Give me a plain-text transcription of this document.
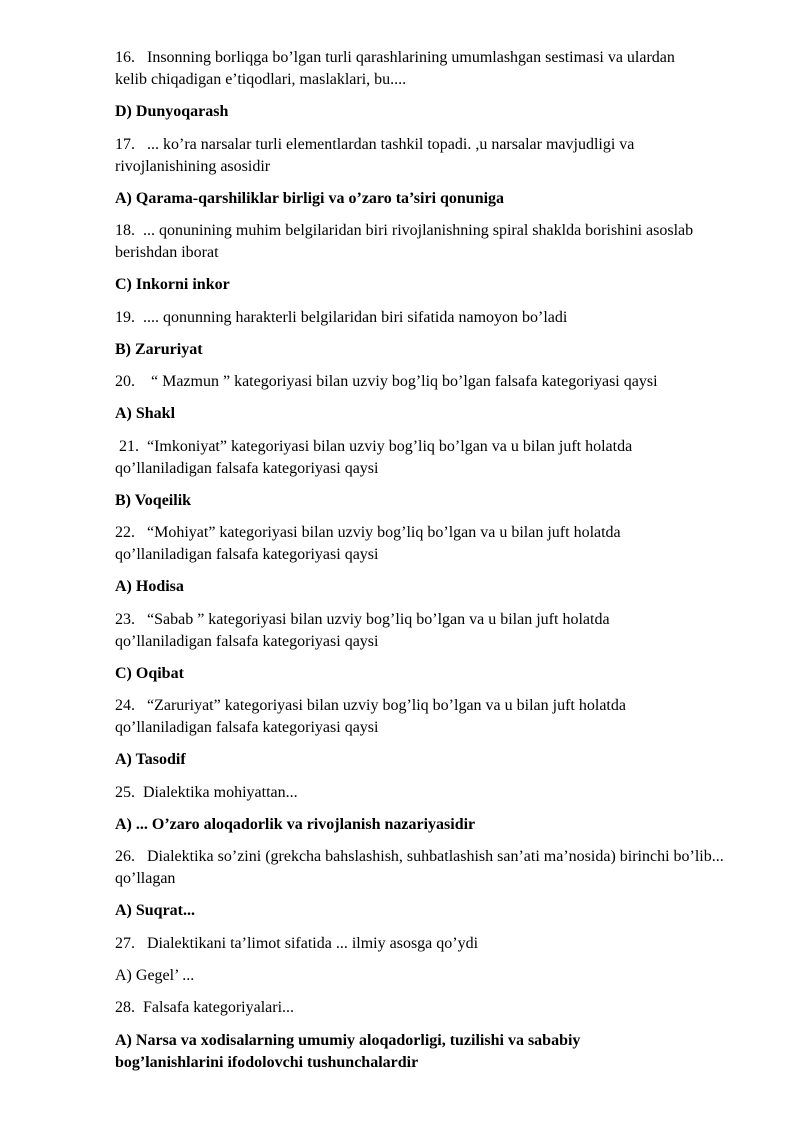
16.   Insonning borliqga bo’lgan turli qarashlarining umumlashgan sestimasi va ulardan kelib chiqadigan e’tiqodlari, maslaklari, bu....

D) Dunyoqarash

17.   ... ko’ra narsalar turli elementlardan tashkil topadi. ,u narsalar mavjudligi va rivojlanishining asosidir

A) Qarama-qarshiliklar birligi va o’zaro ta’siri qonuniga

18.  ... qonunining muhim belgilaridan biri rivojlanishning spiral shaklda borishini asoslab berishdan iborat

C) Inkorni inkor

19.  .... qonunning harakterli belgilaridan biri sifatida namoyon bo’ladi

B) Zaruriyat

20.    “ Mazmun ” kategoriyasi bilan uzviy bog’liq bo’lgan falsafa kategoriyasi qaysi

A) Shakl

21.  “Imkoniyat” kategoriyasi bilan uzviy bog’liq bo’lgan va u bilan juft holatda qo’llaniladigan falsafa kategoriyasi qaysi

B) Voqeilik

22.   “Mohiyat” kategoriyasi bilan uzviy bog’liq bo’lgan va u bilan juft holatda qo’llaniladigan falsafa kategoriyasi qaysi

A) Hodisa

23.   “Sabab ” kategoriyasi bilan uzviy bog’liq bo’lgan va u bilan juft holatda qo’llaniladigan falsafa kategoriyasi qaysi

C) Oqibat

24.   “Zaruriyat” kategoriyasi bilan uzviy bog’liq bo’lgan va u bilan juft holatda qo’llaniladigan falsafa kategoriyasi qaysi

A) Tasodif

25.  Dialektika mohiyattan...

A) ... O’zaro aloqadorlik va rivojlanish nazariyasidir

26.   Dialektika so’zini (grekcha bahslashish, suhbatlashish san’ati ma’nosida) birinchi bo’lib... qo’llagan

A) Suqrat...

27.   Dialektikani ta’limot sifatida ... ilmiy asosga qo’ydi

A) Gegel’ ...

28.  Falsafa kategoriyalari...

A) Narsa va xodisalarning umumiy aloqadorligi, tuzilishi va sababiy bog’lanishlarini ifodolovchi tushunchalardir
